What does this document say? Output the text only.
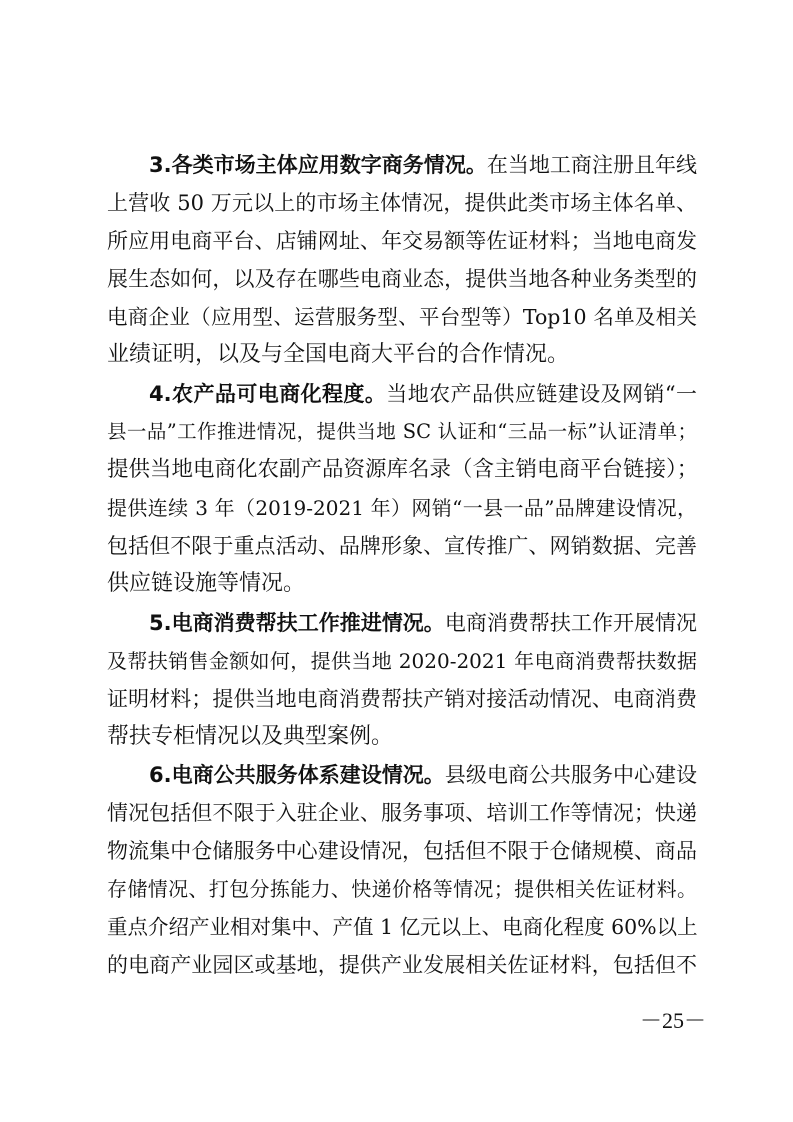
3.各类市场主体应用数字商务情况。在当地工商注册且年线
上营收 50 万元以上的市场主体情况，提供此类市场主体名单、
所应用电商平台、店铺网址、年交易额等佐证材料；当地电商发
展生态如何，以及存在哪些电商业态，提供当地各种业务类型的
电商企业（应用型、运营服务型、平台型等）Top10 名单及相关
业绩证明，以及与全国电商大平台的合作情况。
4.农产品可电商化程度。当地农产品供应链建设及网销“一
县一品”工作推进情况，提供当地 SC 认证和“三品一标”认证清单；
提供当地电商化农副产品资源库名录（含主销电商平台链接）；
提供连续 3 年（2019-2021 年）网销“一县一品”品牌建设情况，
包括但不限于重点活动、品牌形象、宣传推广、网销数据、完善
供应链设施等情况。
5.电商消费帮扶工作推进情况。电商消费帮扶工作开展情况
及帮扶销售金额如何，提供当地 2020-2021 年电商消费帮扶数据
证明材料；提供当地电商消费帮扶产销对接活动情况、电商消费
帮扶专柜情况以及典型案例。
6.电商公共服务体系建设情况。县级电商公共服务中心建设
情况包括但不限于入驻企业、服务事项、培训工作等情况；快递
物流集中仓储服务中心建设情况，包括但不限于仓储规模、商品
存储情况、打包分拣能力、快递价格等情况；提供相关佐证材料。
重点介绍产业相对集中、产值 1 亿元以上、电商化程度 60%以上
的电商产业园区或基地，提供产业发展相关佐证材料，包括但不
－25－
